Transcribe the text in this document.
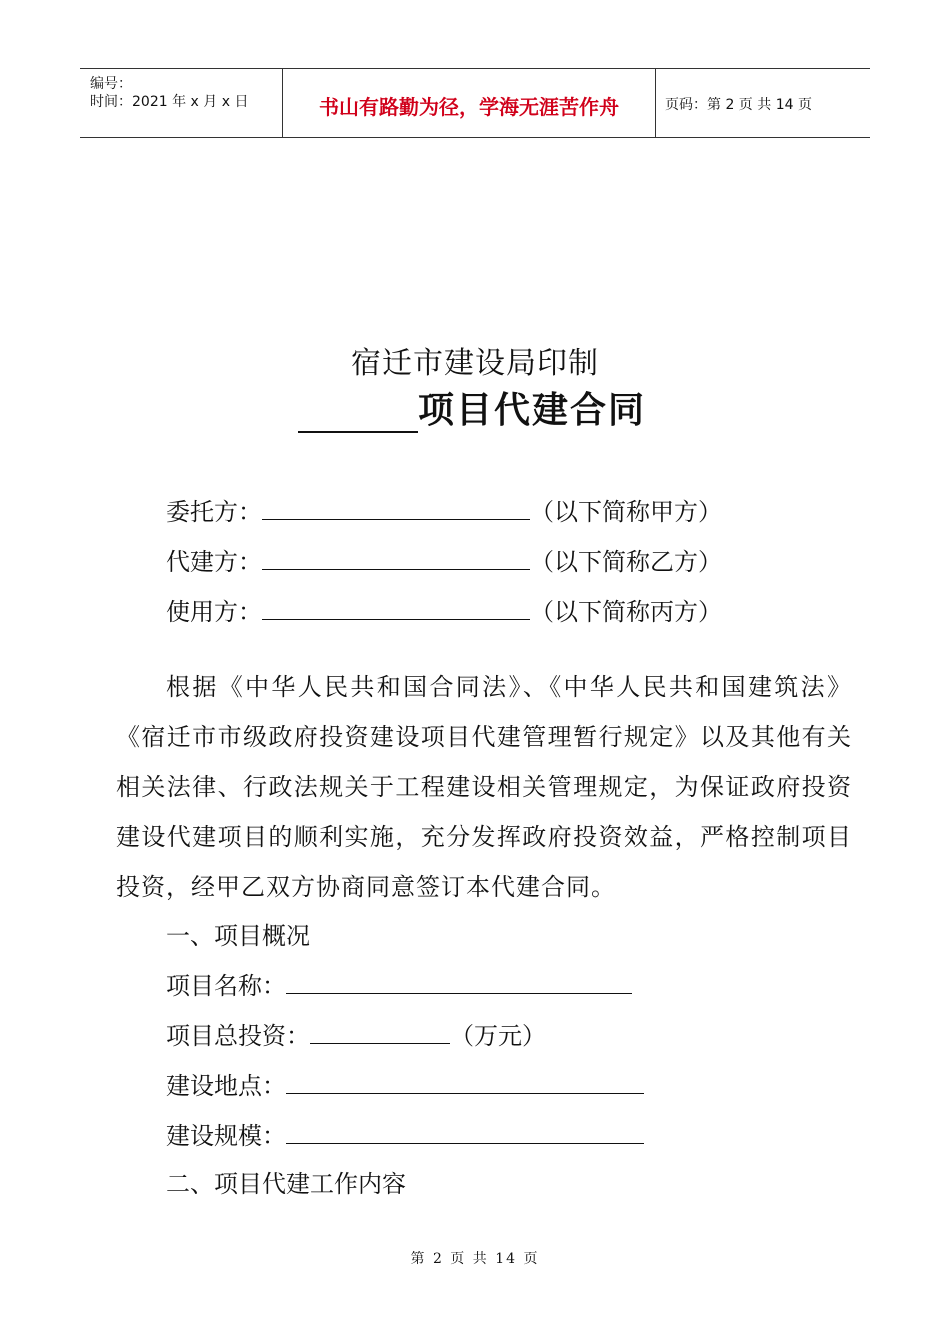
编号：
时间：2021 年 x 月 x 日	书山有路勤为径，学海无涯苦作舟	页码：第 2 页 共 14 页
宿迁市建设局印制
项目代建合同
委托方：	（以下简称甲方）
代建方：	（以下简称乙方）
使用方：	（以下简称丙方）
根据《中华人民共和国合同法》、《中华人民共和国建筑法》《宿迁市市级政府投资建设项目代建管理暂行规定》以及其他有关相关法律、行政法规关于工程建设相关管理规定，为保证政府投资建设代建项目的顺利实施，充分发挥政府投资效益，严格控制项目投资，经甲乙双方协商同意签订本代建合同。
一、项目概况
项目名称：
项目总投资：	（万元）
建设地点：
建设规模：
二、项目代建工作内容
第 2 页 共 14 页
